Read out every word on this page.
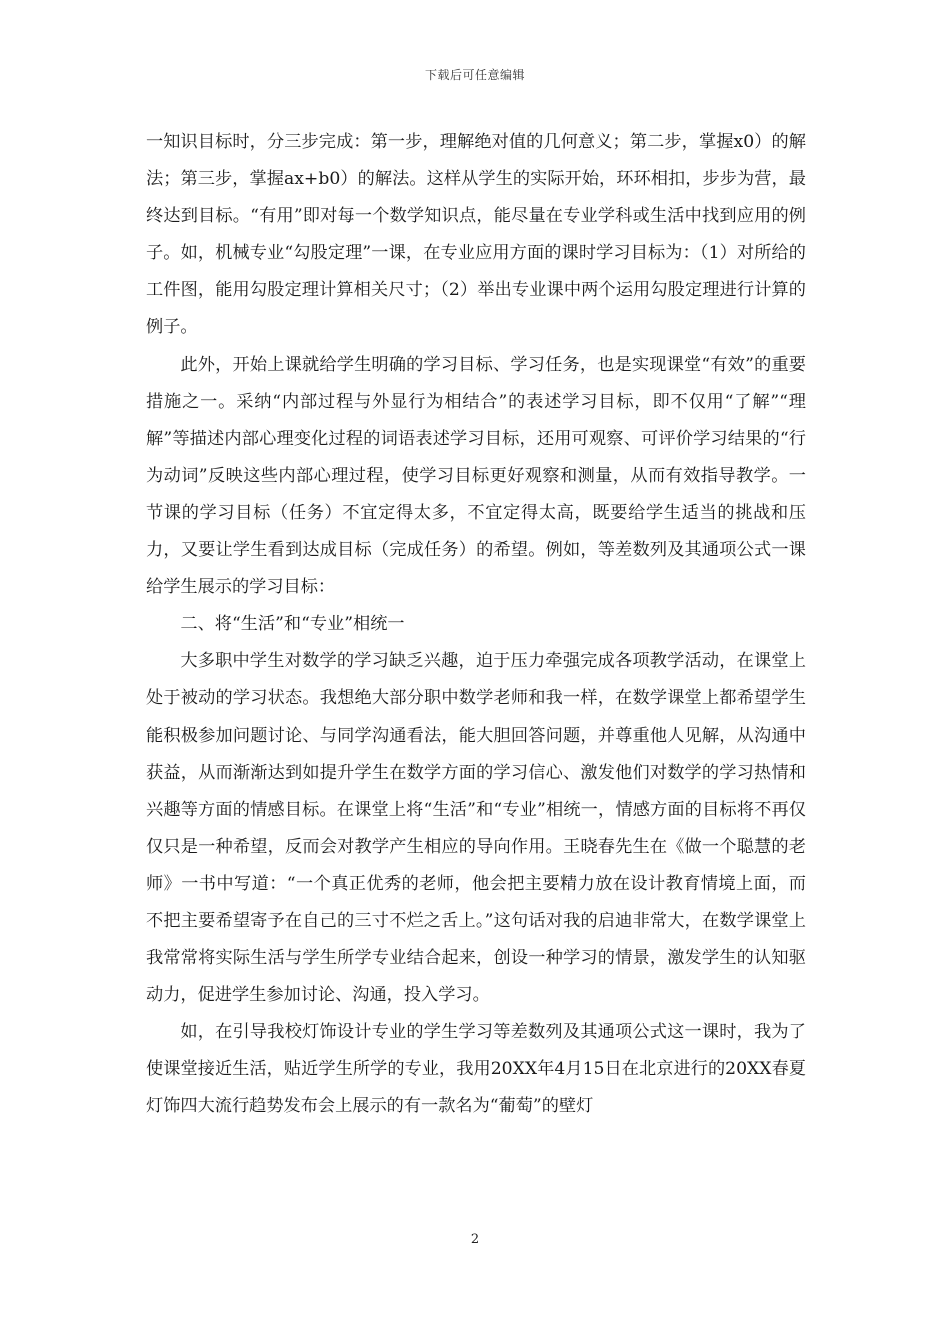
下载后可任意编辑

一知识目标时，分三步完成：第一步，理解绝对值的几何意义；第二步，掌握x0）的解法；第三步，掌握ax+b0）的解法。这样从学生的实际开始，环环相扣，步步为营，最终达到目标。“有用”即对每一个数学知识点，能尽量在专业学科或生活中找到应用的例子。如，机械专业“勾股定理”一课，在专业应用方面的课时学习目标为：（1）对所给的工件图，能用勾股定理计算相关尺寸；（2）举出专业课中两个运用勾股定理进行计算的例子。

此外，开始上课就给学生明确的学习目标、学习任务，也是实现课堂“有效”的重要措施之一。采纳“内部过程与外显行为相结合”的表述学习目标，即不仅用“了解”“理解”等描述内部心理变化过程的词语表述学习目标，还用可观察、可评价学习结果的“行为动词”反映这些内部心理过程，使学习目标更好观察和测量，从而有效指导教学。一节课的学习目标（任务）不宜定得太多，不宜定得太高，既要给学生适当的挑战和压力，又要让学生看到达成目标（完成任务）的希望。例如，等差数列及其通项公式一课给学生展示的学习目标：

二、将“生活”和“专业”相统一

大多职中学生对数学的学习缺乏兴趣，迫于压力牵强完成各项教学活动，在课堂上处于被动的学习状态。我想绝大部分职中数学老师和我一样，在数学课堂上都希望学生能积极参加问题讨论、与同学沟通看法，能大胆回答问题，并尊重他人见解，从沟通中获益，从而渐渐达到如提升学生在数学方面的学习信心、激发他们对数学的学习热情和兴趣等方面的情感目标。在课堂上将“生活”和“专业”相统一，情感方面的目标将不再仅仅只是一种希望，反而会对教学产生相应的导向作用。王晓春先生在《做一个聪慧的老师》一书中写道：“一个真正优秀的老师，他会把主要精力放在设计教育情境上面，而不把主要希望寄予在自己的三寸不烂之舌上。”这句话对我的启迪非常大，在数学课堂上我常常将实际生活与学生所学专业结合起来，创设一种学习的情景，激发学生的认知驱动力，促进学生参加讨论、沟通，投入学习。

如，在引导我校灯饰设计专业的学生学习等差数列及其通项公式这一课时，我为了使课堂接近生活，贴近学生所学的专业，我用20XX年4月15日在北京进行的20XX春夏灯饰四大流行趋势发布会上展示的有一款名为“葡萄”的壁灯

2
